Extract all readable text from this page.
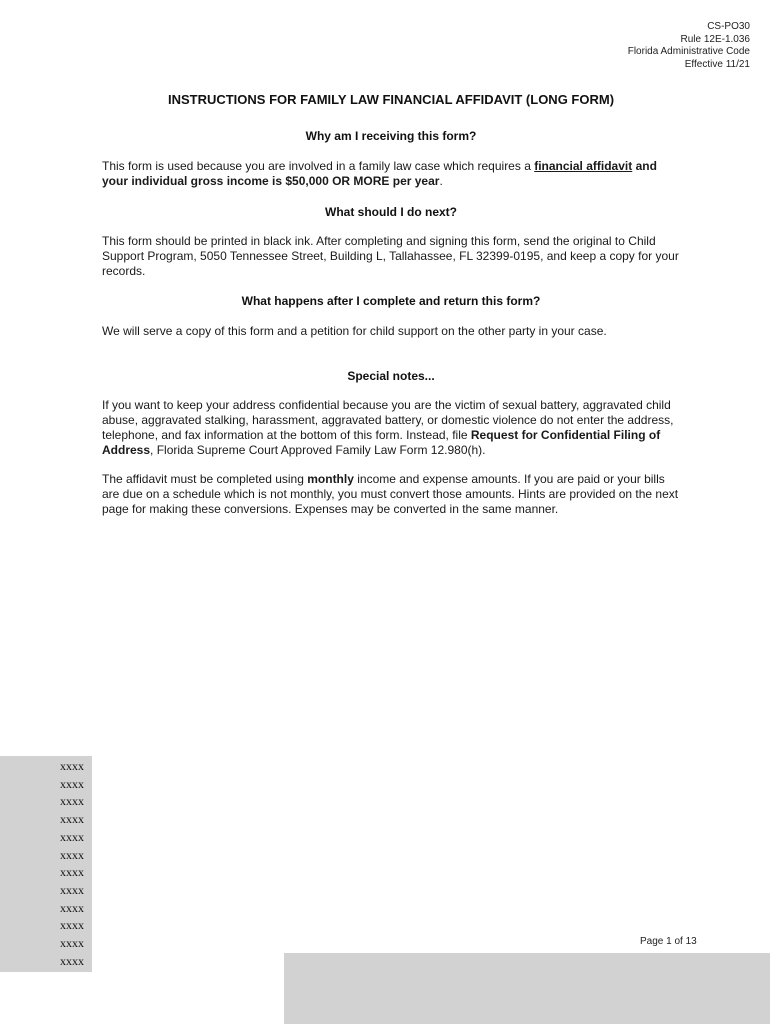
CS-PO30
Rule 12E-1.036
Florida Administrative Code
Effective 11/21
INSTRUCTIONS FOR FAMILY LAW FINANCIAL AFFIDAVIT (LONG FORM)
Why am I receiving this form?
This form is used because you are involved in a family law case which requires a financial affidavit and your individual gross income is $50,000 OR MORE per year.
What should I do next?
This form should be printed in black ink. After completing and signing this form, send the original to Child Support Program, 5050 Tennessee Street, Building L, Tallahassee, FL 32399-0195, and keep a copy for your records.
What happens after I complete and return this form?
We will serve a copy of this form and a petition for child support on the other party in your case.
Special notes...
If you want to keep your address confidential because you are the victim of sexual battery, aggravated child abuse, aggravated stalking, harassment, aggravated battery, or domestic violence do not enter the address, telephone, and fax information at the bottom of this form. Instead, file Request for Confidential Filing of Address, Florida Supreme Court Approved Family Law Form 12.980(h).
The affidavit must be completed using monthly income and expense amounts. If you are paid or your bills are due on a schedule which is not monthly, you must convert those amounts. Hints are provided on the next page for making these conversions. Expenses may be converted in the same manner.
xxxx
xxxx
xxxx
xxxx
xxxx
xxxx
xxxx
xxxx
xxxx
xxxx
xxxx
xxxx
Page 1 of 13
